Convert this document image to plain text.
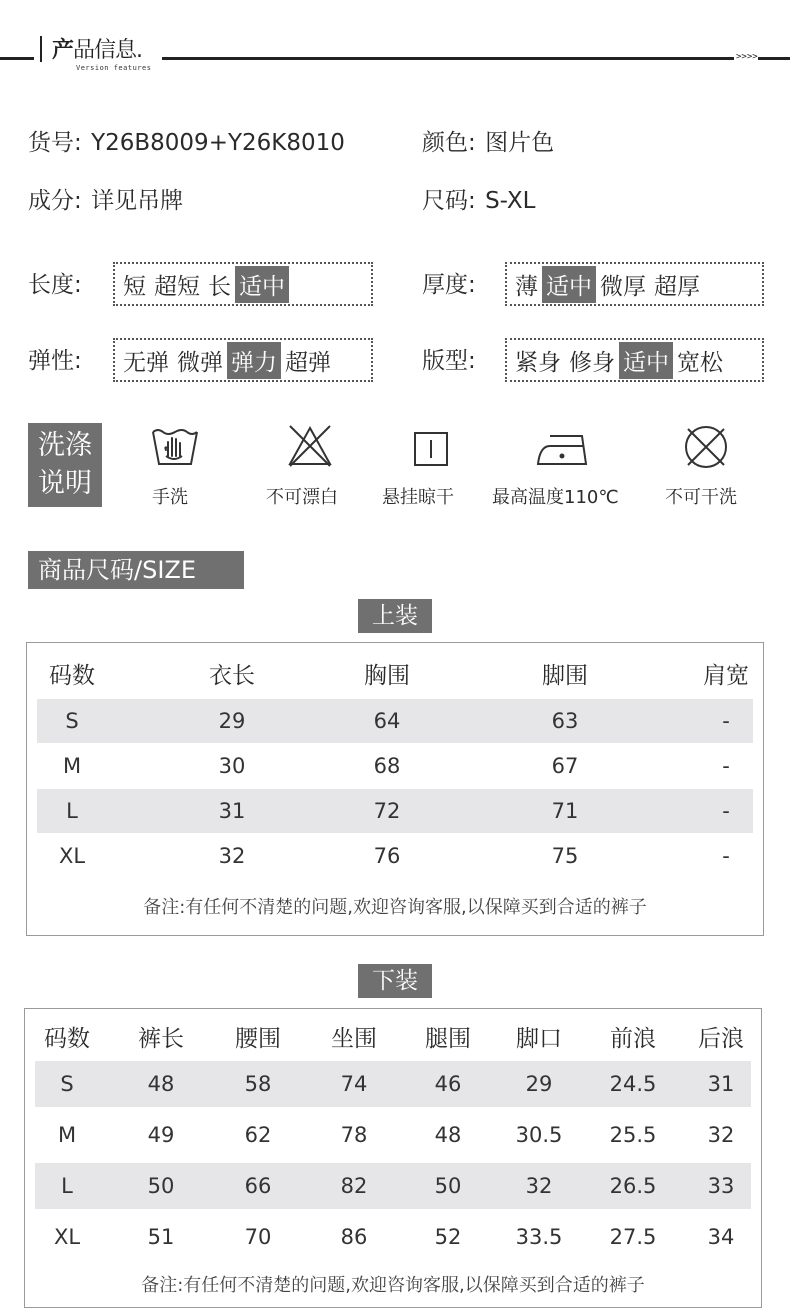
产品信息.
Version features
>>>>
货号: Y26B8009+Y26K8010	颜色: 图片色
成分: 详见吊牌	尺码: S-XL
长度: 短 超短 长 适中	厚度: 薄 适中 微厚 超厚
弹性: 无弹 微弹 弹力 超弹	版型: 紧身 修身 适中 宽松
洗涤
说明	手洗	不可漂白 悬挂晾干 最高温度110℃	不可干洗
商品尺码/SIZE
上装
码数	衣长	胸围	脚围	肩宽
S	29	64	63	-
M	30	68	67	-
L	31	72	71	-
XL	32	76	75	-
备注:有任何不清楚的问题,欢迎咨询客服,以保障买到合适的裤子
下装
码数	裤长	腰围	坐围	腿围	脚口	前浪	后浪
S	48	58	74	46	29	24.5	31
M	49	62	78	48	30.5	25.5	32
L	50	66	82	50	32	26.5	33
XL	51	70	86	52	33.5	27.5	34
备注:有任何不清楚的问题,欢迎咨询客服,以保障买到合适的裤子
